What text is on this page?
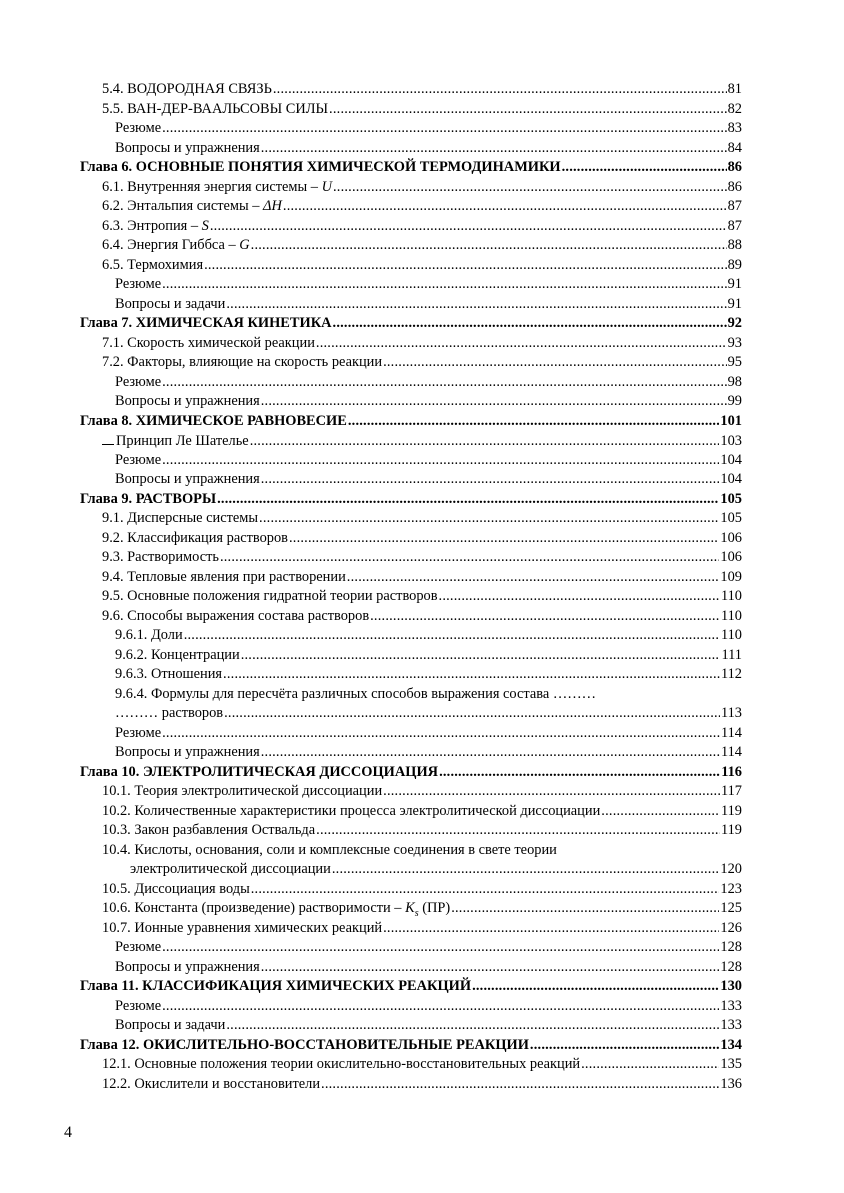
5.4. ВОДОРОДНАЯ СВЯЗЬ .....	81
5.5. ВАН-ДЕР-ВААЛЬСОВЫ СИЛЫ .....	82
Резюме .....	83
Вопросы и упражнения .....	84
Глава 6. ОСНОВНЫЕ ПОНЯТИЯ ХИМИЧЕСКОЙ ТЕРМОДИНАМИКИ .....	86
6.1. Внутренняя энергия системы – U .....	86
6.2. Энтальпия системы – ΔH .....	87
6.3. Энтропия – S .....	87
6.4. Энергия Гиббса – G .....	88
6.5. Термохимия .....	89
Резюме .....	91
Вопросы и задачи .....	91
Глава 7. ХИМИЧЕСКАЯ КИНЕТИКА .....	92
7.1. Скорость химической реакции .....	93
7.2. Факторы, влияющие на скорость реакции .....	95
Резюме .....	98
Вопросы и упражнения .....	99
Глава 8. ХИМИЧЕСКОЕ РАВНОВЕСИЕ .....	101
Принцип Ле Шателье .....	103
Резюме .....	104
Вопросы и упражнения .....	104
Глава 9. РАСТВОРЫ .....	105
9.1. Дисперсные системы .....	105
9.2. Классификация растворов .....	106
9.3. Растворимость .....	106
9.4. Тепловые явления при растворении .....	109
9.5. Основные положения гидратной теории растворов .....	110
9.6. Способы выражения состава растворов .....	110
9.6.1. Доли .....	110
9.6.2. Концентрации .....	111
9.6.3. Отношения .....	112
9.6.4. Формулы для пересчёта различных способов выражения состава ………
……… растворов .....	113
Резюме .....	114
Вопросы и упражнения .....	114
Глава 10. ЭЛЕКТРОЛИТИЧЕСКАЯ ДИССОЦИАЦИЯ .....	116
10.1. Теория электролитической диссоциации .....	117
10.2. Количественные характеристики процесса электролитической диссоциации .....	119
10.3. Закон разбавления Оствальда .....	119
10.4. Кислоты, основания, соли и комплексные соединения в свете теории
электролитической диссоциации .....	120
10.5. Диссоциация воды .....	123
10.6. Константа (произведение) растворимости – $K_s$ (ПР) .....	125
10.7. Ионные уравнения химических реакций .....	126
Резюме .....	128
Вопросы и упражнения .....	128
Глава 11. КЛАССИФИКАЦИЯ ХИМИЧЕСКИХ РЕАКЦИЙ .....	130
Резюме .....	133
Вопросы и задачи .....	133
Глава 12. ОКИСЛИТЕЛЬНО-ВОССТАНОВИТЕЛЬНЫЕ РЕАКЦИИ .....	134
12.1. Основные положения теории окислительно-восстановительных реакций .....	135
12.2. Окислители и восстановители .....	136
4
